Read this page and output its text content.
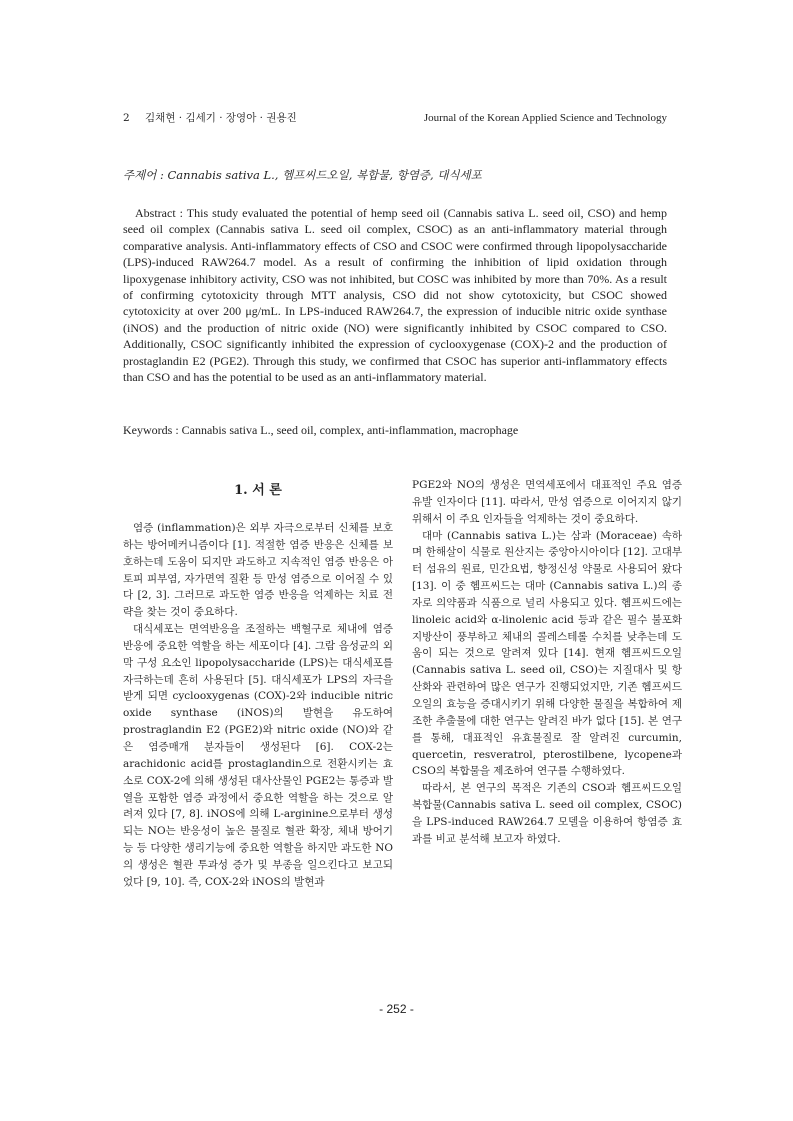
2 김채현 · 김세기 · 장영아 · 권용진	Journal of the Korean Applied Science and Technology
주제어 : Cannabis sativa L., 헴프씨드오일, 복합물, 항염증, 대식세포
Abstract : This study evaluated the potential of hemp seed oil (Cannabis sativa L. seed oil, CSO) and hemp seed oil complex (Cannabis sativa L. seed oil complex, CSOC) as an anti-inflammatory material through comparative analysis. Anti-inflammatory effects of CSO and CSOC were confirmed through lipopolysaccharide (LPS)-induced RAW264.7 model. As a result of confirming the inhibition of lipid oxidation through lipoxygenase inhibitory activity, CSO was not inhibited, but COSC was inhibited by more than 70%. As a result of confirming cytotoxicity through MTT analysis, CSO did not show cytotoxicity, but CSOC showed cytotoxicity at over 200 μg/mL. In LPS-induced RAW264.7, the expression of inducible nitric oxide synthase (iNOS) and the production of nitric oxide (NO) were significantly inhibited by CSOC compared to CSO. Additionally, CSOC significantly inhibited the expression of cyclooxygenase (COX)-2 and the production of prostaglandin E2 (PGE2). Through this study, we confirmed that CSOC has superior anti-inflammatory effects than CSO and has the potential to be used as an anti-inflammatory material.
Keywords : Cannabis sativa L., seed oil, complex, anti-inflammation, macrophage
1. 서 론

염증 (inflammation)은 외부 자극으로부터 신체를 보호하는 방어메커니즘이다 [1]. 적절한 염증 반응은 신체를 보호하는데 도움이 되지만 과도하고 지속적인 염증 반응은 아토피 피부염, 자가면역 질환 등 만성 염증으로 이어질 수 있다 [2, 3]. 그러므로 과도한 염증 반응을 억제하는 치료 전략을 찾는 것이 중요하다.

대식세포는 면역반응을 조절하는 백혈구로 체내에 염증반응에 중요한 역할을 하는 세포이다 [4]. 그람 음성균의 외막 구성 요소인 lipopolysaccharide (LPS)는 대식세포를 자극하는데 흔히 사용된다 [5]. 대식세포가 LPS의 자극을 받게 되면 cyclooxygenas (COX)-2와 inducible nitric oxide synthase (iNOS)의 발현을 유도하여 prostraglandin E2 (PGE2)와 nitric oxide (NO)와 같은 염증매개 분자들이 생성된다 [6]. COX-2는 arachidonic acid를 prostaglandin으로 전환시키는 효소로 COX-2에 의해 생성된 대사산물인 PGE2는 통증과 발열을 포함한 염증 과정에서 중요한 역할을 하는 것으로 알려져 있다 [7, 8]. iNOS에 의해 L-arginine으로부터 생성되는 NO는 반응성이 높은 물질로 혈관 확장, 체내 방어기능 등 다양한 생리기능에 중요한 역할을 하지만 과도한 NO의 생성은 혈관 투과성 증가 및 부종을 일으킨다고 보고되었다 [9, 10]. 즉, COX-2와 iNOS의 발현과

PGE2와 NO의 생성은 면역세포에서 대표적인 주요 염증유발 인자이다 [11]. 따라서, 만성 염증으로 이어지지 않기 위해서 이 주요 인자들을 억제하는 것이 중요하다.

대마 (Cannabis sativa L.)는 삼과 (Moraceae) 속하며 한해살이 식물로 원산지는 중앙아시아이다 [12]. 고대부터 섬유의 원료, 민간요법, 향정신성 약물로 사용되어 왔다 [13]. 이 중 헴프씨드는 대마 (Cannabis sativa L.)의 종자로 의약품과 식품으로 널리 사용되고 있다. 헴프씨드에는 linoleic acid와 α-linolenic acid 등과 같은 필수 불포화지방산이 풍부하고 체내의 콜레스테롤 수치를 낮추는데 도움이 되는 것으로 알려져 있다 [14]. 현재 헴프씨드오일 (Cannabis sativa L. seed oil, CSO)는 지질대사 및 항산화와 관련하여 많은 연구가 진행되었지만, 기존 헴프씨드오일의 효능을 증대시키기 위해 다양한 물질을 복합하여 제조한 추출물에 대한 연구는 알려진 바가 없다 [15]. 본 연구를 통해, 대표적인 유효물질로 잘 알려진 curcumin, quercetin, resveratrol, pterostilbene, lycopene과 CSO의 복합물을 제조하여 연구를 수행하였다.

따라서, 본 연구의 목적은 기존의 CSO과 헴프씨드오일 복합물(Cannabis sativa L. seed oil complex, CSOC)을 LPS-induced RAW264.7 모델을 이용하여 항염증 효과를 비교 분석해 보고자 하였다.

- 252 -
